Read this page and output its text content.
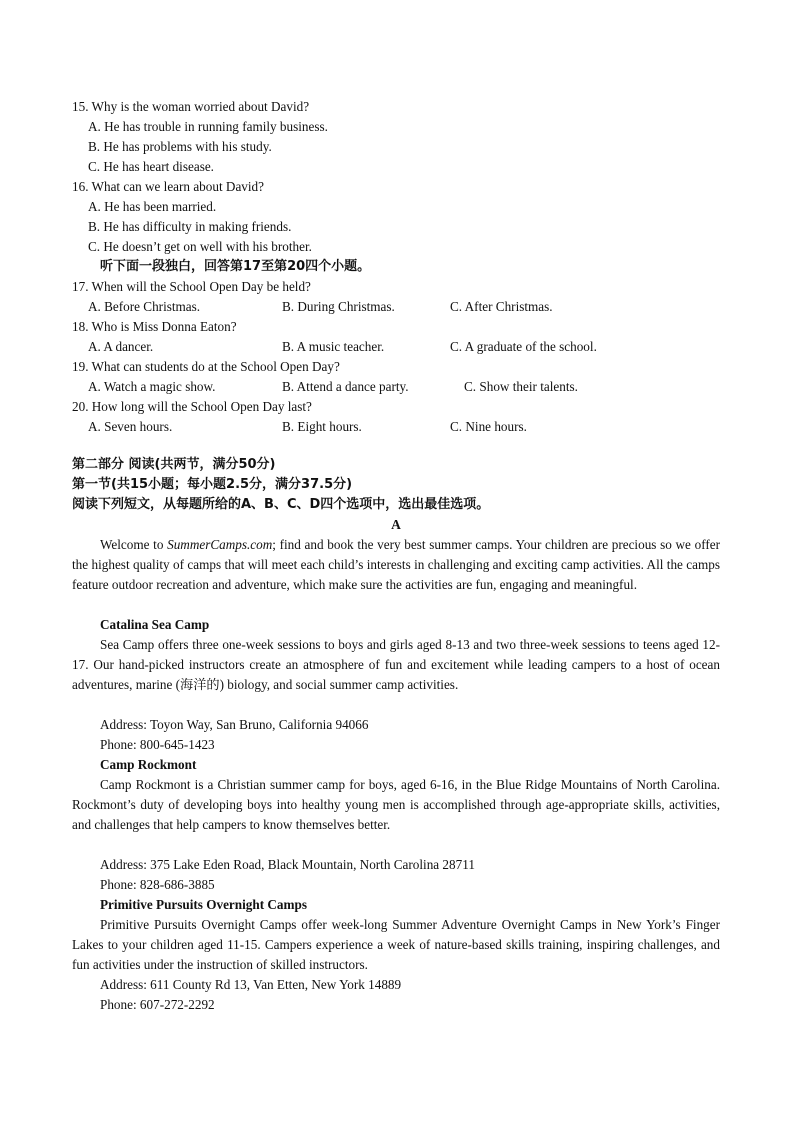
15. Why is the woman worried about David?
A. He has trouble in running family business.
B. He has problems with his study.
C. He has heart disease.
16. What can we learn about David?
A. He has been married.
B. He has difficulty in making friends.
C. He doesn’t get on well with his brother.
听下面一段独白，回答第17至第20四个小题。
17. When will the School Open Day be held?
A. Before Christmas.	B. During Christmas.	C. After Christmas.
18. Who is Miss Donna Eaton?
A. A dancer.	B. A music teacher.	C. A graduate of the school.
19. What can students do at the School Open Day?
A. Watch a magic show.	B. Attend a dance party.	C. Show their talents.
20. How long will the School Open Day last?
A. Seven hours.	B. Eight hours.	C. Nine hours.
第二部分 阅读(共两节，满分50分)
第一节(共15小题；每小题2.5分，满分37.5分)
阅读下列短文，从每题所给的A、B、C、D四个选项中，选出最佳选项。
A
Welcome to SummerCamps.com; find and book the very best summer camps. Your children are precious so we offer the highest quality of camps that will meet each child’s interests in challenging and exciting camp activities. All the camps feature outdoor recreation and adventure, which make sure the activities are fun, engaging and meaningful.
Catalina Sea Camp
Sea Camp offers three one-week sessions to boys and girls aged 8-13 and two three-week sessions to teens aged 12-17. Our hand-picked instructors create an atmosphere of fun and excitement while leading campers to a host of ocean adventures, marine (海洋的) biology, and social summer camp activities.
Address: Toyon Way, San Bruno, California 94066
Phone: 800-645-1423
Camp Rockmont
Camp Rockmont is a Christian summer camp for boys, aged 6-16, in the Blue Ridge Mountains of North Carolina. Rockmont’s duty of developing boys into healthy young men is accomplished through age-appropriate skills, activities, and challenges that help campers to know themselves better.
Address: 375 Lake Eden Road, Black Mountain, North Carolina 28711
Phone: 828-686-3885
Primitive Pursuits Overnight Camps
Primitive Pursuits Overnight Camps offer week-long Summer Adventure Overnight Camps in New York’s Finger Lakes to your children aged 11-15. Campers experience a week of nature-based skills training, inspiring challenges, and fun activities under the instruction of skilled instructors.
Address: 611 County Rd 13, Van Etten, New York 14889
Phone: 607-272-2292
